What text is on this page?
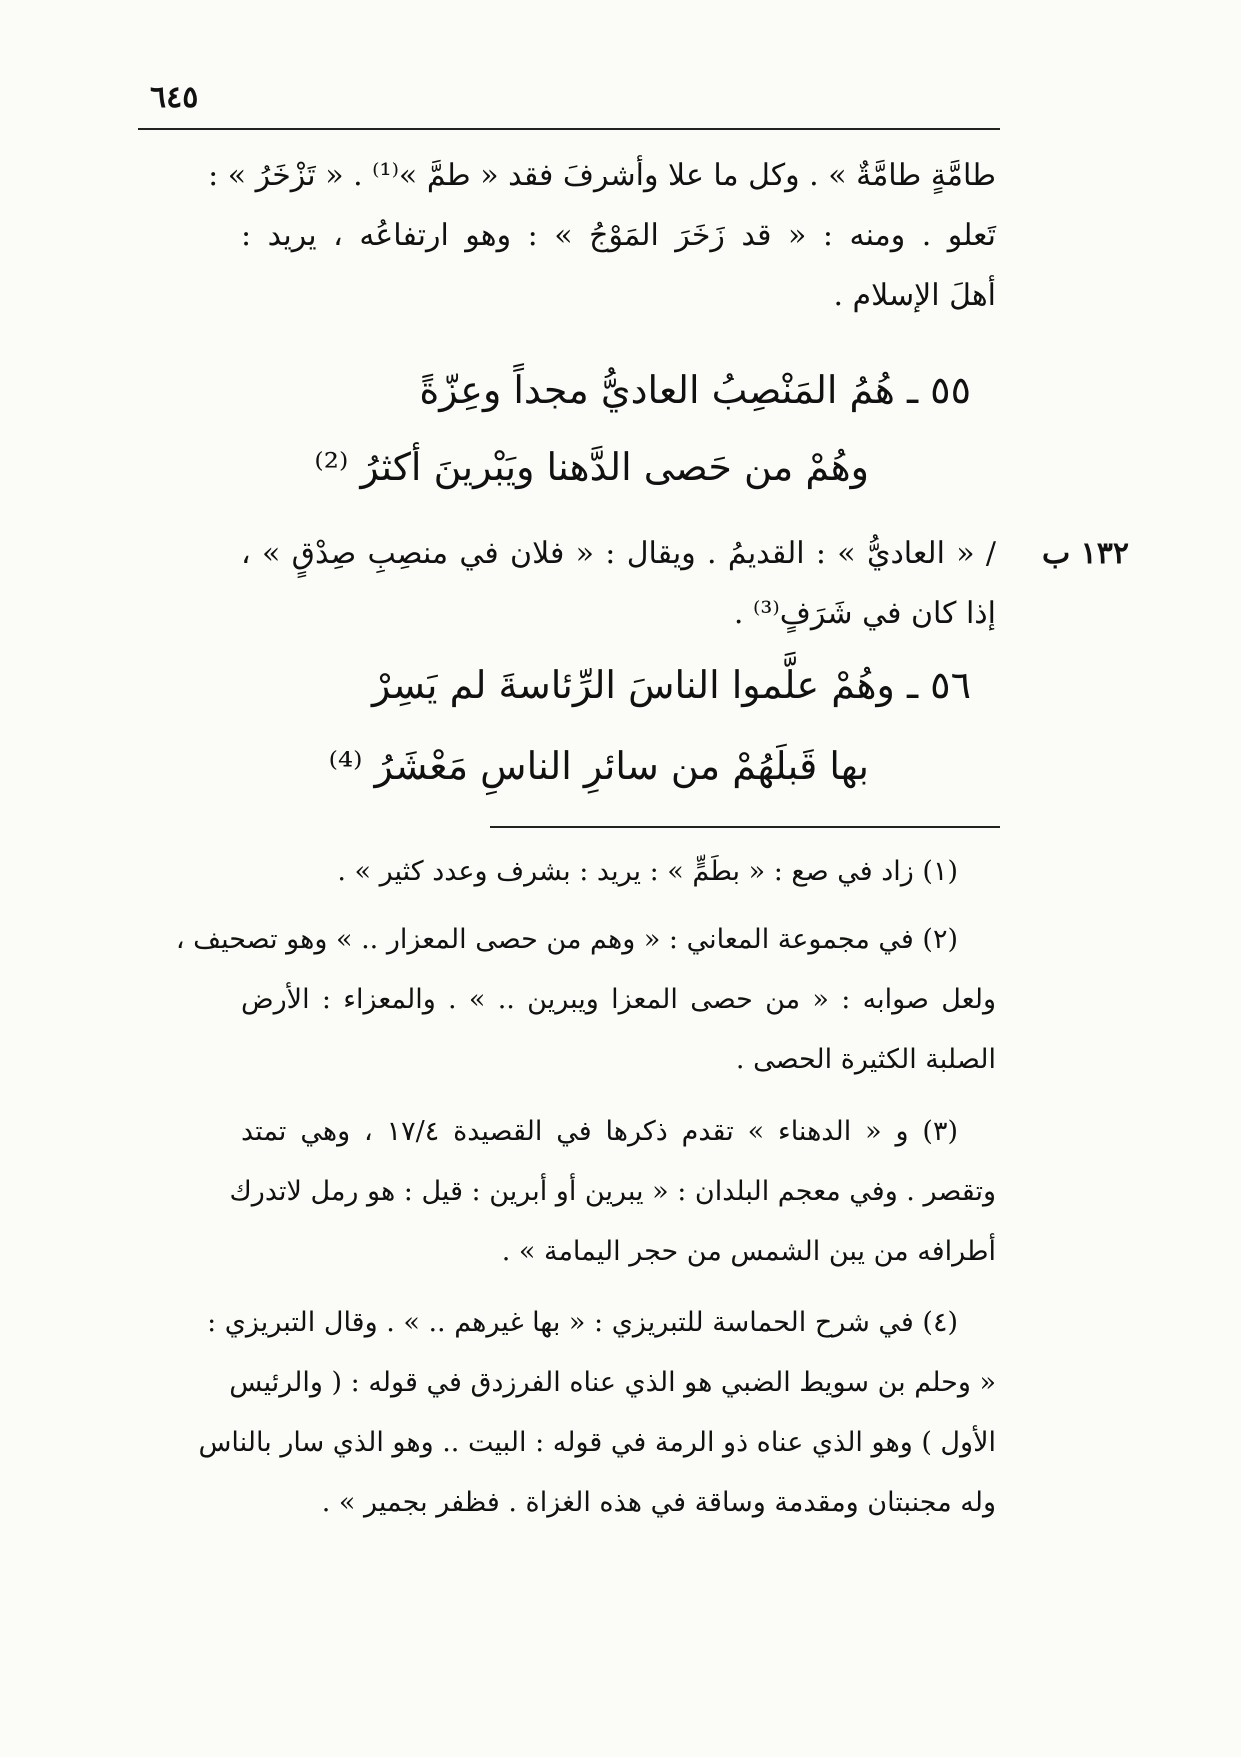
٦٤٥
طامَّةٍ طامَّةٌ » . وكل ما علا وأشرفَ فقد « طمَّ »⁽¹⁾ . « تَزْخَرُ » :
تَعلو . ومنه : « قد زَخَرَ المَوْجُ » : وهو ارتفاعُه ، يريد :
أهلَ الإسلام .
٥٥ ـ هُمُ المَنْصِبُ العاديُّ مجداً وعِزّةً
وهُمْ من حَصى الدَّهنا ويَبْرينَ أكثرُ ⁽²⁾
١٣٢ ب
/ « العاديُّ » : القديمُ . ويقال : « فلان في منصِبِ صِدْقٍ » ،
إذا كان في شَرَفٍ⁽³⁾ .
٥٦ ـ وهُمْ علَّموا الناسَ الرِّئاسةَ لم يَسِرْ
بها قَبلَهُمْ من سائرِ الناسِ مَعْشَرُ ⁽⁴⁾
(١) زاد في صع : « بطَمٍّ » : يريد : بشرف وعدد كثير » .
(٢) في مجموعة المعاني : « وهم من حصى المعزار .. » وهو تصحيف ،
ولعل صوابه : « من حصى المعزا ويبرين .. » . والمعزاء : الأرض
الصلبة الكثيرة الحصى .
(٣) و « الدهناء » تقدم ذكرها في القصيدة ١٧/٤ ، وهي تمتد
وتقصر . وفي معجم البلدان : « يبرين أو أبرين : قيل : هو رمل لاتدرك
أطرافه من يبن الشمس من حجر اليمامة » .
(٤) في شرح الحماسة للتبريزي : « بها غيرهم .. » . وقال التبريزي :
« وحلم بن سويط الضبي هو الذي عناه الفرزدق في قوله : ( والرئيس
الأول ) وهو الذي عناه ذو الرمة في قوله : البيت .. وهو الذي سار بالناس
وله مجنبتان ومقدمة وساقة في هذه الغزاة . فظفر بجمير » .
